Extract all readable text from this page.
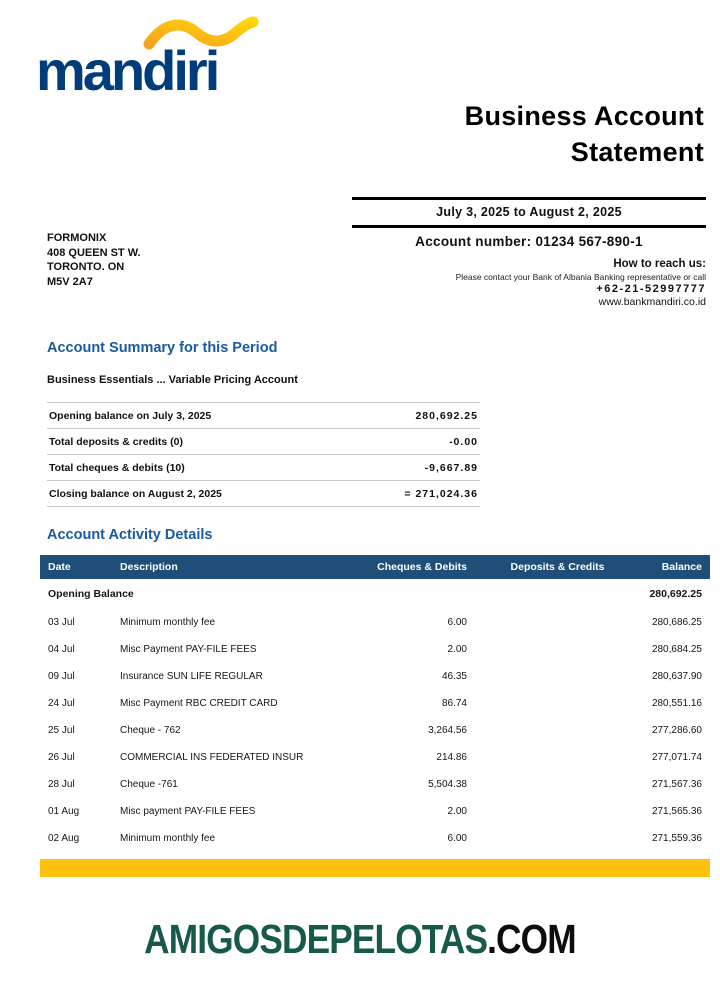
mandiri
Business Account
Statement
July 3, 2025 to August 2, 2025
Account number: 01234 567-890-1
FORMONIX
408 QUEEN ST W.
TORONTO. ON
M5V 2A7
How to reach us:
Please contact your Bank of Albania Banking representative or call
+62-21-52997777
www.bankmandiri.co.id
Account Summary for this Period
Business Essentials ... Variable Pricing Account
Opening balance on July 3, 2025	280,692.25
Total deposits & credits (0)	-0.00
Total cheques & debits (10)	-9,667.89
Closing balance on August 2, 2025	= 271,024.36
Account Activity Details
Date	Description	Cheques & Debits	Deposits & Credits	Balance
Opening Balance				280,692.25
03 Jul	Minimum monthly fee	6.00		280,686.25
04 Jul	Misc Payment PAY-FILE FEES	2.00		280,684.25
09 Jul	Insurance SUN LIFE REGULAR	46.35		280,637.90
24 Jul	Misc Payment RBC CREDIT CARD	86.74		280,551.16
25 Jul	Cheque - 762	3,264.56		277,286.60
26 Jul	COMMERCIAL INS FEDERATED INSUR	214.86		277,071.74
28 Jul	Cheque -761	5,504.38		271,567.36
01 Aug	Misc payment PAY-FILE FEES	2.00		271,565.36
02 Aug	Minimum monthly fee	6.00		271,559.36
AMIGOSDEPELOTAS.COM
